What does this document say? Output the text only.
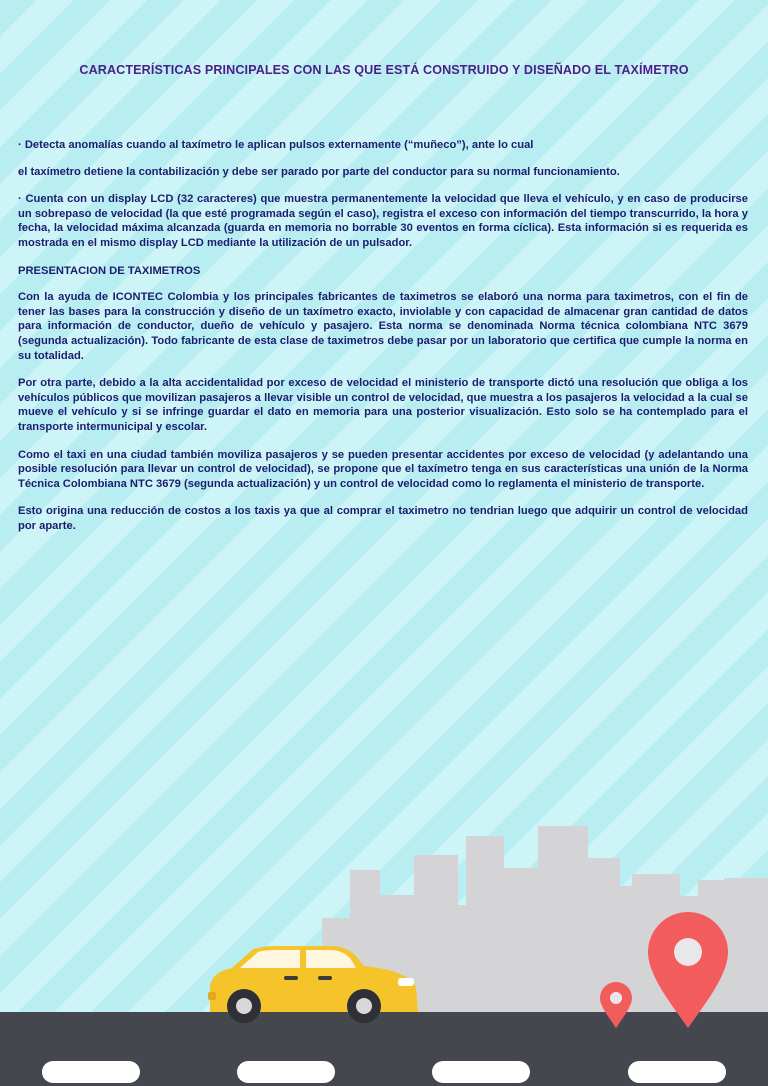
CARACTERÍSTICAS PRINCIPALES CON LAS QUE ESTÁ CONSTRUIDO Y DISEÑADO EL TAXÍMETRO

· Detecta anomalías cuando al taxímetro le aplican pulsos externamente (“muñeco”), ante lo cual

el taxímetro detiene la contabilización y debe ser parado por parte del conductor para su normal funcionamiento.

· Cuenta con un display LCD (32 caracteres) que muestra permanentemente la velocidad que lleva el vehículo, y en caso de producirse un sobrepaso de velocidad (la que esté programada según el caso), registra el exceso con información del tiempo transcurrido, la hora y fecha, la velocidad máxima alcanzada (guarda en memoria no borrable 30 eventos en forma cíclica). Esta información si es requerida es mostrada en el mismo display LCD mediante la utilización de un pulsador.

PRESENTACION DE TAXIMETROS

Con la ayuda de ICONTEC Colombia y los principales fabricantes de taximetros se elaboró una norma para taximetros, con el fin de tener las bases para la construcción y diseño de un taxímetro exacto, inviolable y con capacidad de almacenar gran cantidad de datos para información de conductor, dueño de vehículo y pasajero. Esta norma se denominada Norma técnica colombiana NTC 3679 (segunda actualización). Todo fabricante de esta clase de taximetros debe pasar por un laboratorio que certifica que cumple la norma en su totalidad.

Por otra parte, debido a la alta accidentalidad por exceso de velocidad el ministerio de transporte dictó una resolución que obliga a los vehículos públicos que movilizan pasajeros a llevar visible un control de velocidad, que muestra a los pasajeros la velocidad a la cual se mueve el vehículo y si se infringe guardar el dato en memoria para una posterior visualización. Esto solo se ha contemplado para el transporte intermunicipal y escolar.

Como el taxi en una ciudad también moviliza pasajeros y se pueden presentar accidentes por exceso de velocidad (y adelantando una posible resolución para llevar un control de velocidad), se propone que el taxímetro tenga en sus características una unión de la Norma Técnica Colombiana NTC 3679 (segunda actualización) y un control de velocidad como lo reglamenta el ministerio de transporte.

Esto origina una reducción de costos a los taxis ya que al comprar el taximetro no tendrian luego que adquirir un control de velocidad por aparte.
